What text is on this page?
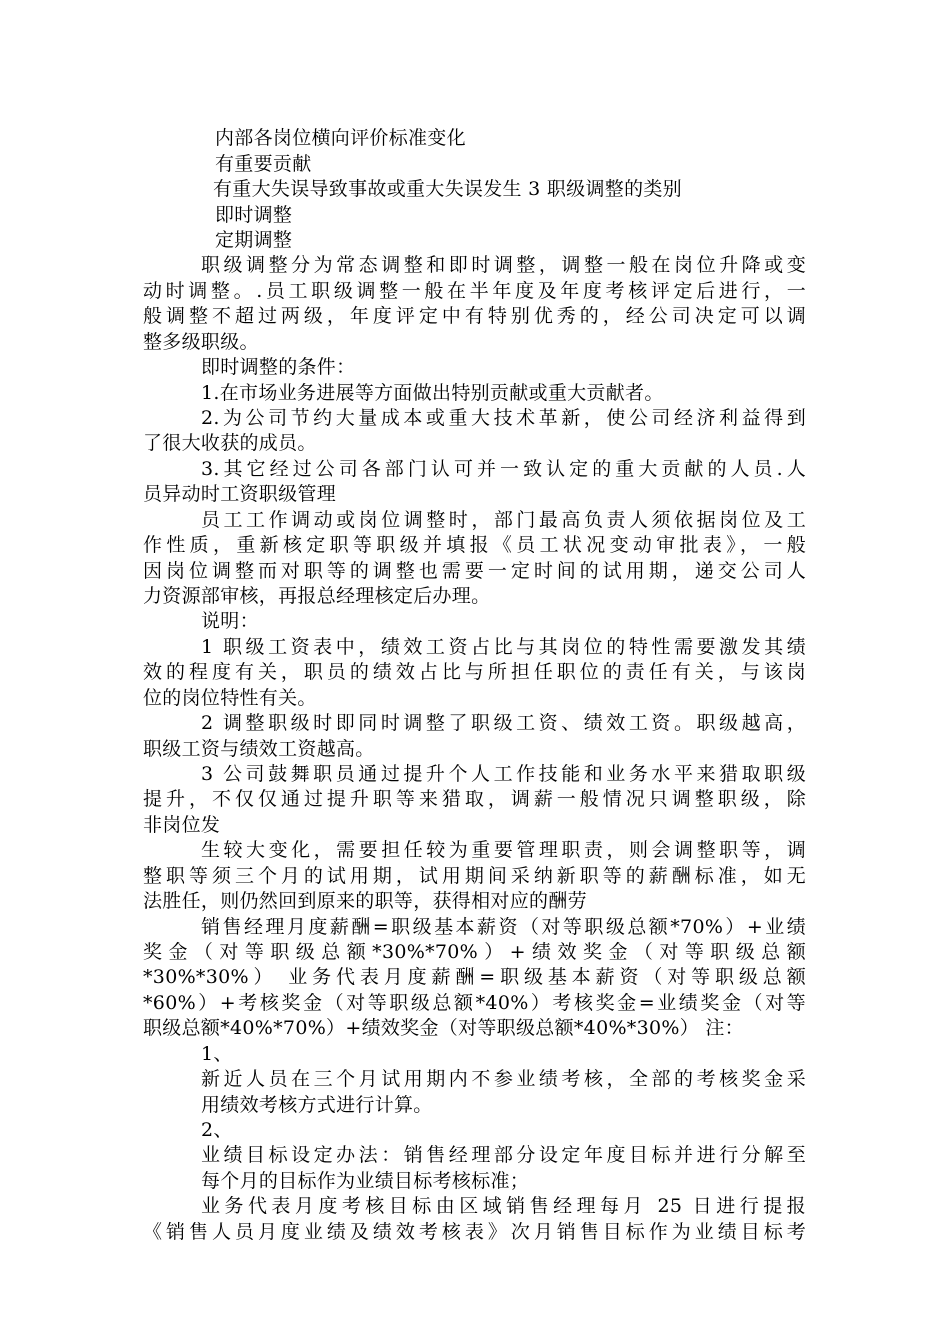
内部各岗位横向评价标准变化
有重要贡献
有重大失误导致事故或重大失误发生 3 职级调整的类别
即时调整
定期调整
职级调整分为常态调整和即时调整，调整一般在岗位升降或变
动时调整。.员工职级调整一般在半年度及年度考核评定后进行，一
般调整不超过两级，年度评定中有特别优秀的，经公司决定可以调
整多级职级。
即时调整的条件：
1.在市场业务进展等方面做出特别贡献或重大贡献者。
2.为公司节约大量成本或重大技术革新，使公司经济利益得到
了很大收获的成员。
3.其它经过公司各部门认可并一致认定的重大贡献的人员.人
员异动时工资职级管理
员工工作调动或岗位调整时，部门最高负责人须依据岗位及工
作性质，重新核定职等职级并填报《员工状况变动审批表》，一般
因岗位调整而对职等的调整也需要一定时间的试用期，递交公司人
力资源部审核，再报总经理核定后办理。
说明：
1 职级工资表中，绩效工资占比与其岗位的特性需要激发其绩
效的程度有关，职员的绩效占比与所担任职位的责任有关，与该岗
位的岗位特性有关。
2 调整职级时即同时调整了职级工资、绩效工资。职级越高，
职级工资与绩效工资越高。
3 公司鼓舞职员通过提升个人工作技能和业务水平来猎取职级
提升，不仅仅通过提升职等来猎取，调薪一般情况只调整职级，除
非岗位发
生较大变化，需要担任较为重要管理职责，则会调整职等，调
整职等须三个月的试用期，试用期间采纳新职等的薪酬标准，如无
法胜任，则仍然回到原来的职等，获得相对应的酬劳
销售经理月度薪酬=职级基本薪资（对等职级总额*70%）+业绩
奖金（对等职级总额*30%*70%）+绩效奖金（对等职级总额
*30%*30%） 业务代表月度薪酬=职级基本薪资（对等职级总额
*60%）+考核奖金（对等职级总额*40%）考核奖金=业绩奖金（对等
职级总额*40%*70%）+绩效奖金（对等职级总额*40%*30%） 注：
1、
新近人员在三个月试用期内不参业绩考核，全部的考核奖金采
用绩效考核方式进行计算。
2、
业绩目标设定办法：销售经理部分设定年度目标并进行分解至
每个月的目标作为业绩目标考核标准；
业务代表月度考核目标由区域销售经理每月 25 日进行提报
《销售人员月度业绩及绩效考核表》次月销售目标作为业绩目标考
